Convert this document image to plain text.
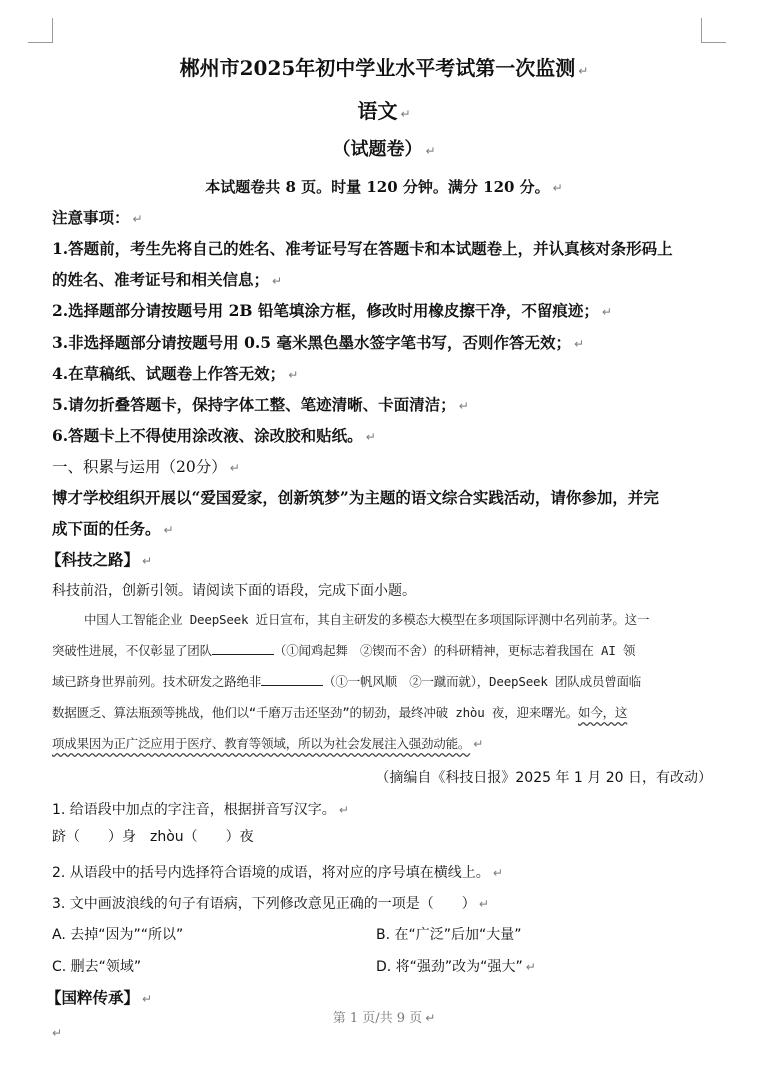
郴州市2025年初中学业水平考试第一次监测 ↵
语文 ↵
（试题卷） ↵
本试题卷共 8 页。时量 120 分钟。满分 120 分。 ↵
注意事项： ↵
1.答题前，考生先将自己的姓名、准考证号写在答题卡和本试题卷上，并认真核对条形码上
的姓名、准考证号和相关信息； ↵
2.选择题部分请按题号用 2B 铅笔填涂方框，修改时用橡皮擦干净，不留痕迹； ↵
3.非选择题部分请按题号用 0.5 毫米黑色墨水签字笔书写，否则作答无效； ↵
4.在草稿纸、试题卷上作答无效； ↵
5.请勿折叠答题卡，保持字体工整、笔迹清晰、卡面清洁； ↵
6.答题卡上不得使用涂改液、涂改胶和贴纸。 ↵
一、积累与运用（20分） ↵
博才学校组织开展以“爱国爱家，创新筑梦”为主题的语文综合实践活动，请你参加，并完
成下面的任务。 ↵
【科技之路】 ↵
科技前沿，创新引领。请阅读下面的语段，完成下面小题。
中国人工智能企业 DeepSeek 近日宣布，其自主研发的多模态大模型在多项国际评测中名列前茅。这一
突破性进展，不仅彰显了团队	（①闻鸡起舞　②锲而不舍）的科研精神，更标志着我国在 AI 领
域已跻身世界前列。技术研发之路绝非	（①一帆风顺　②一蹴而就），DeepSeek 团队成员曾面临
数据匮乏、算法瓶颈等挑战，他们以“千磨万击还坚劲”的韧劲，最终冲破 zhòu 夜，迎来曙光。如今，这
项成果因为正广泛应用于医疗、教育等领域，所以为社会发展注入强劲动能。 ↵
（摘编自《科技日报》2025 年 1 月 20 日，有改动）
1. 给语段中加点的字注音，根据拼音写汉字。 ↵
跻（　　）身　zhòu（　　）夜
2. 从语段中的括号内选择符合语境的成语，将对应的序号填在横线上。 ↵
3. 文中画波浪线的句子有语病，下列修改意见正确的一项是（　　） ↵
A. 去掉“因为”“所以”	B. 在“广泛”后加“大量”
C. 删去“领域”	D. 将“强劲”改为“强大” ↵
【国粹传承】 ↵
第 1 页/共 9 页 ↵
↵
